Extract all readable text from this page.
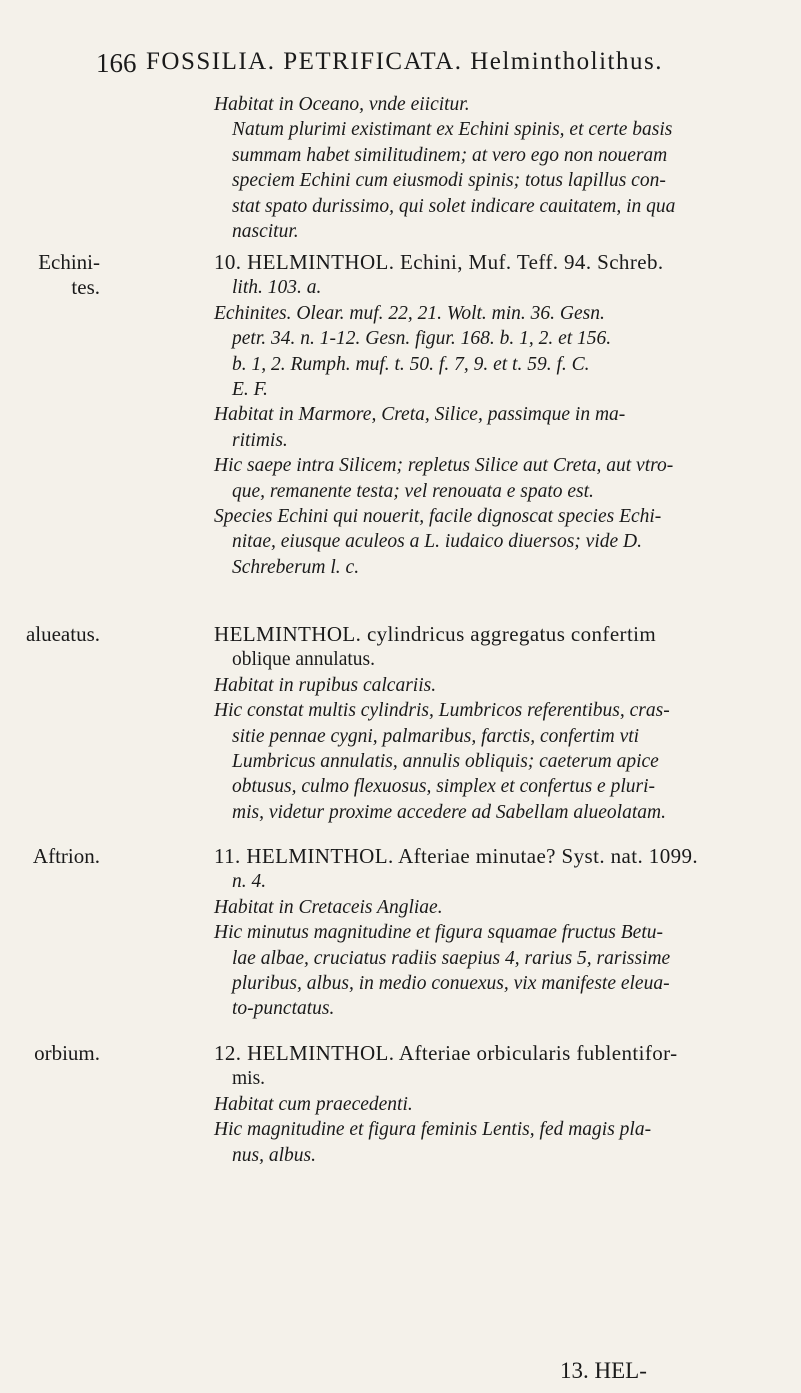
166 FOSSILIA. PETRIFICATA. Helmintholithus.
Habitat in Oceano, vnde eiicitur.
Natum plurimi existimant ex Echini spinis, et certe basis
summam habet similitudinem; at vero ego non noueram
speciem Echini cum eiusmodi spinis; totus lapillus con-
stat spato durissimo, qui solet indicare cauitatem, in qua
nascitur.
Echini-
tes.
10. HELMINTHOL. Echini, Muf. Teff. 94. Schreb.
lith. 103. a.
Echinites. Olear. muf. 22, 21. Wolt. min. 36. Gesn.
petr. 34. n. 1-12. Gesn. figur. 168. b. 1, 2. et 156.
b. 1, 2. Rumph. muf. t. 50. f. 7, 9. et t. 59. f. C.
E. F.
Habitat in Marmore, Creta, Silice, passimque in ma-
ritimis.
Hic saepe intra Silicem; repletus Silice aut Creta, aut vtro-
que, remanente testa; vel renouata e spato est.
Species Echini qui nouerit, facile dignoscat species Echi-
nitae, eiusque aculeos a L. iudaico diuersos; vide D.
Schreberum l. c.
alueatus.	HELMINTHOL. cylindricus aggregatus confertim
oblique annulatus.
Habitat in rupibus calcariis.
Hic constat multis cylindris, Lumbricos referentibus, cras-
sitie pennae cygni, palmaribus, farctis, confertim vti
Lumbricus annulatis, annulis obliquis; caeterum apice
obtusus, culmo flexuosus, simplex et confertus e pluri-
mis, videtur proxime accedere ad Sabellam alueolatam.
Aftrion.	11. HELMINTHOL. Afteriae minutae? Syst. nat. 1099.
n. 4.
Habitat in Cretaceis Angliae.
Hic minutus magnitudine et figura squamae fructus Betu-
lae albae, cruciatus radiis saepius 4, rarius 5, rarissime
pluribus, albus, in medio conuexus, vix manifeste eleua-
to-punctatus.
orbium.	12. HELMINTHOL. Afteriae orbicularis fublentifor-
mis.
Habitat cum praecedenti.
Hic magnitudine et figura feminis Lentis, fed magis pla-
nus, albus.
13. HEL-
